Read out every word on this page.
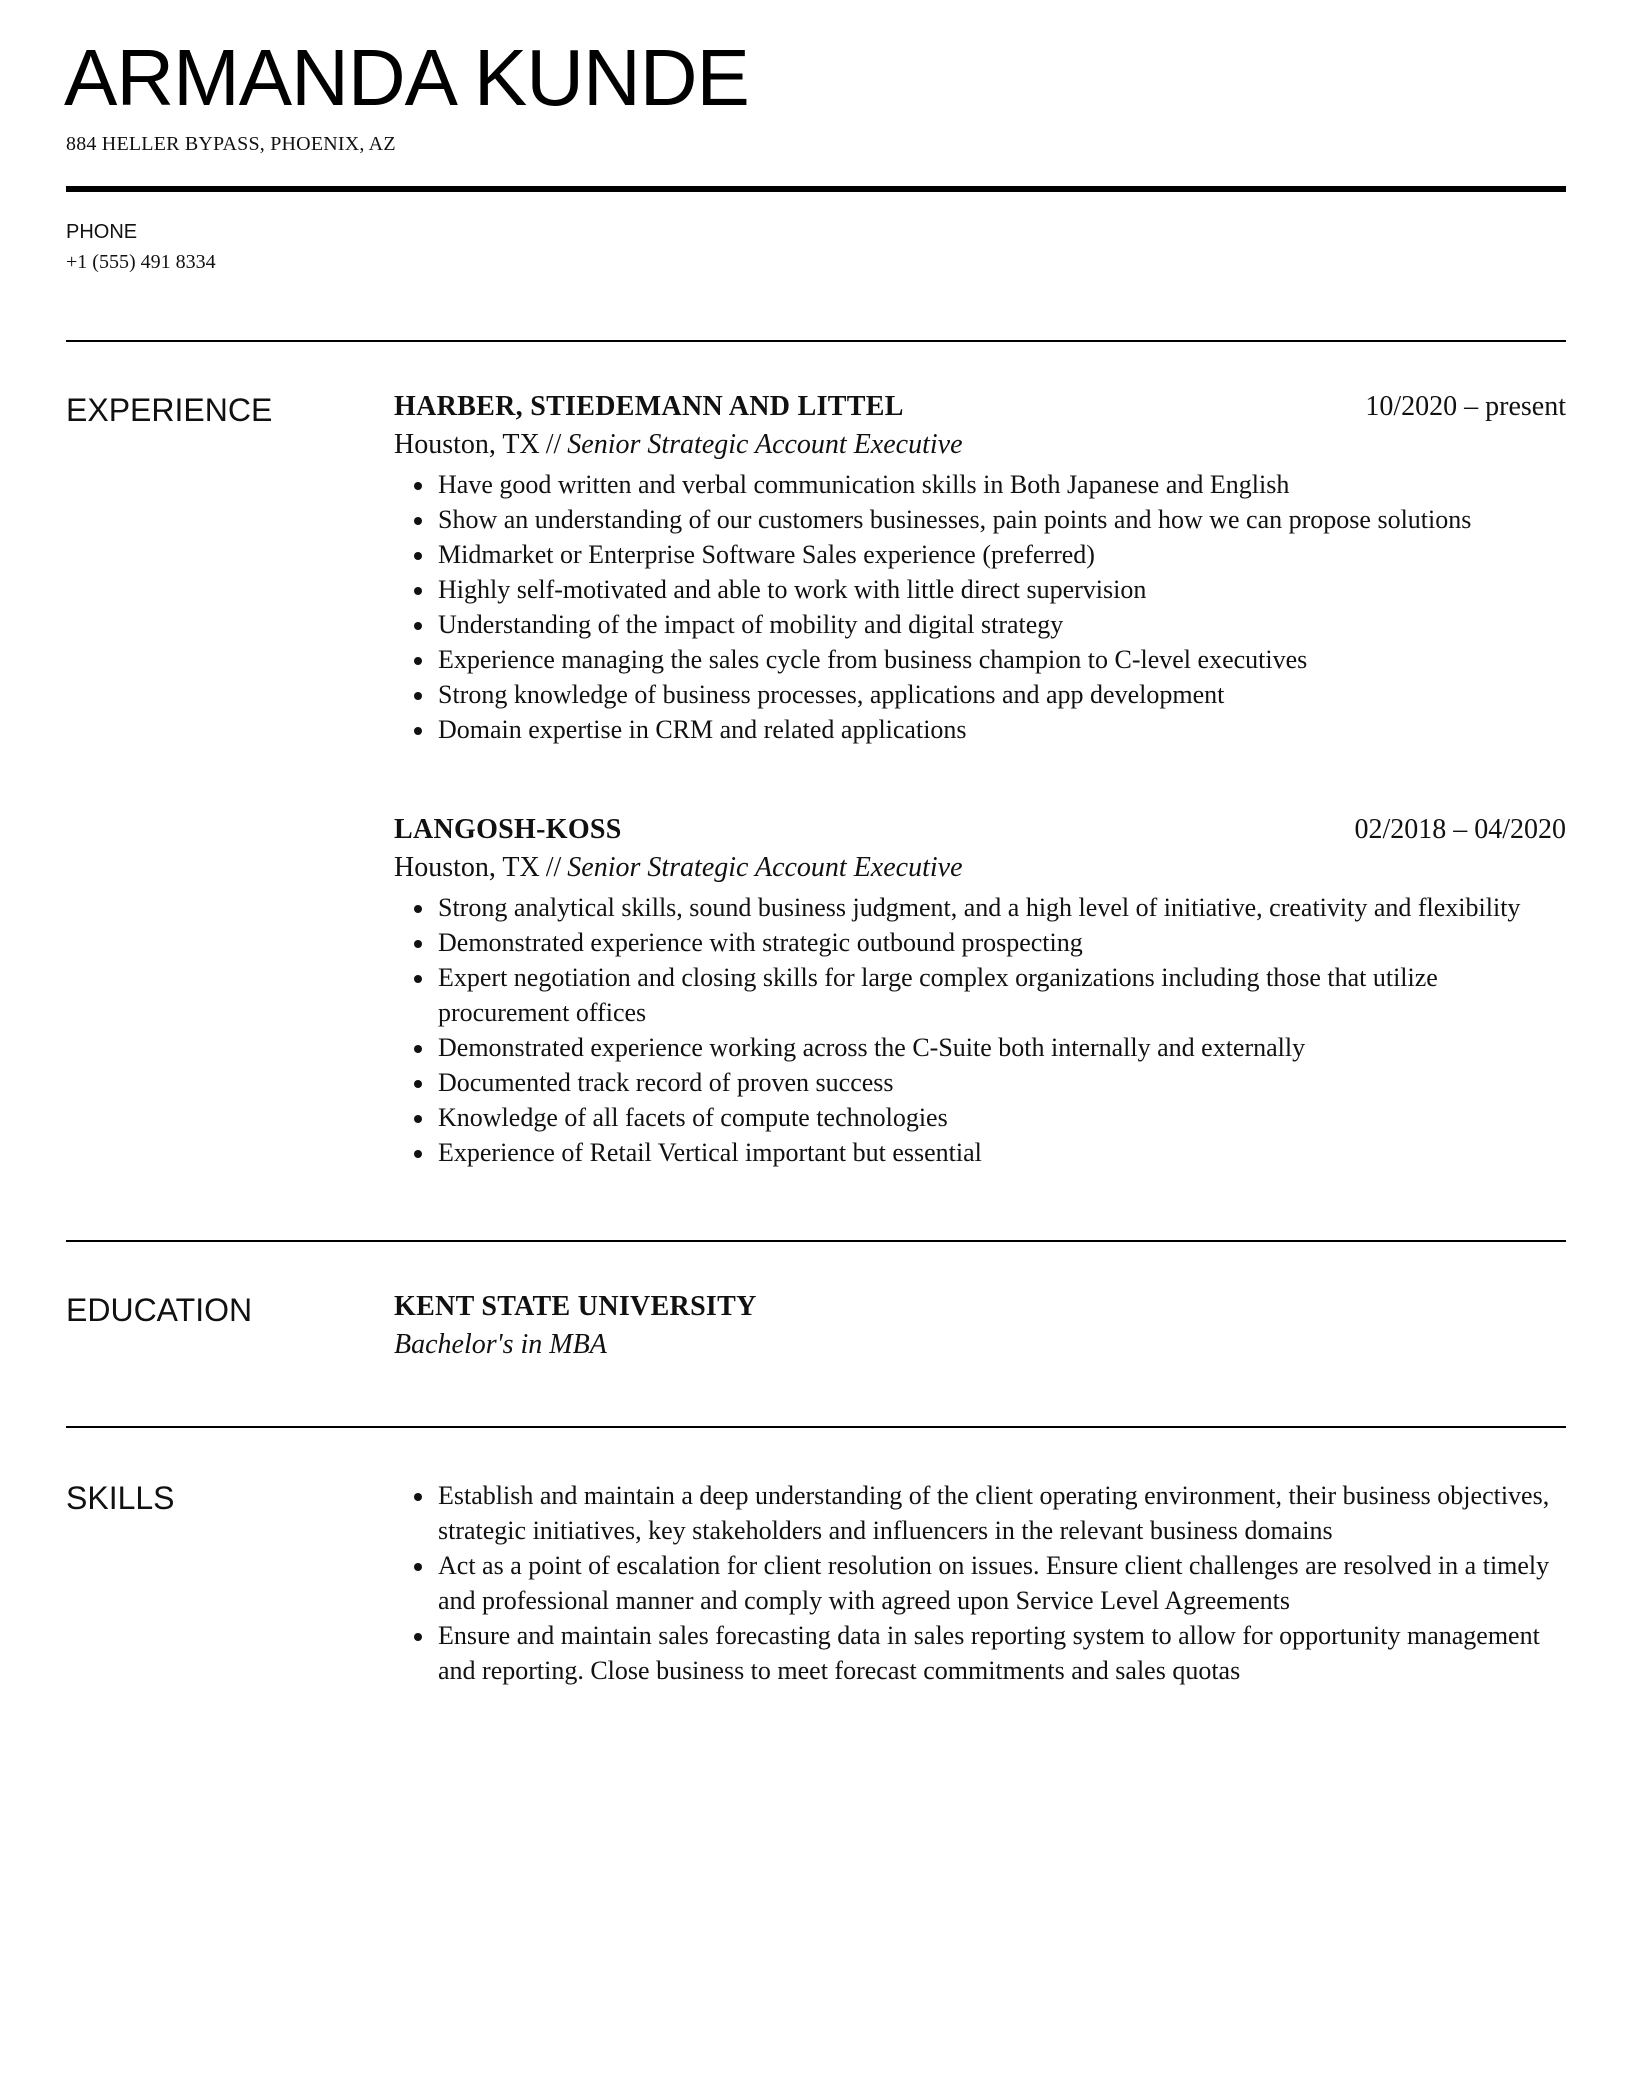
ARMANDA KUNDE
884 HELLER BYPASS, PHOENIX, AZ
PHONE
+1 (555) 491 8334
EXPERIENCE	HARBER, STIEDEMANN AND LITTEL	10/2020 – present
Houston, TX // Senior Strategic Account Executive
• Have good written and verbal communication skills in Both Japanese and English
• Show an understanding of our customers businesses, pain points and how we can propose solutions
• Midmarket or Enterprise Software Sales experience (preferred)
• Highly self-motivated and able to work with little direct supervision
• Understanding of the impact of mobility and digital strategy
• Experience managing the sales cycle from business champion to C-level executives
• Strong knowledge of business processes, applications and app development
• Domain expertise in CRM and related applications
LANGOSH-KOSS	02/2018 – 04/2020
Houston, TX // Senior Strategic Account Executive
• Strong analytical skills, sound business judgment, and a high level of initiative, creativity and flexibility
• Demonstrated experience with strategic outbound prospecting
• Expert negotiation and closing skills for large complex organizations including those that utilize procurement offices
• Demonstrated experience working across the C-Suite both internally and externally
• Documented track record of proven success
• Knowledge of all facets of compute technologies
• Experience of Retail Vertical important but essential
EDUCATION	KENT STATE UNIVERSITY
Bachelor's in MBA
SKILLS
•	Establish and maintain a deep understanding of the client operating environment, their business objectives, strategic initiatives, key stakeholders and influencers in the relevant business domains
• Act as a point of escalation for client resolution on issues. Ensure client challenges are resolved in a timely and professional manner and comply with agreed upon Service Level Agreements
• Ensure and maintain sales forecasting data in sales reporting system to allow for opportunity management and reporting. Close business to meet forecast commitments and sales quotas
